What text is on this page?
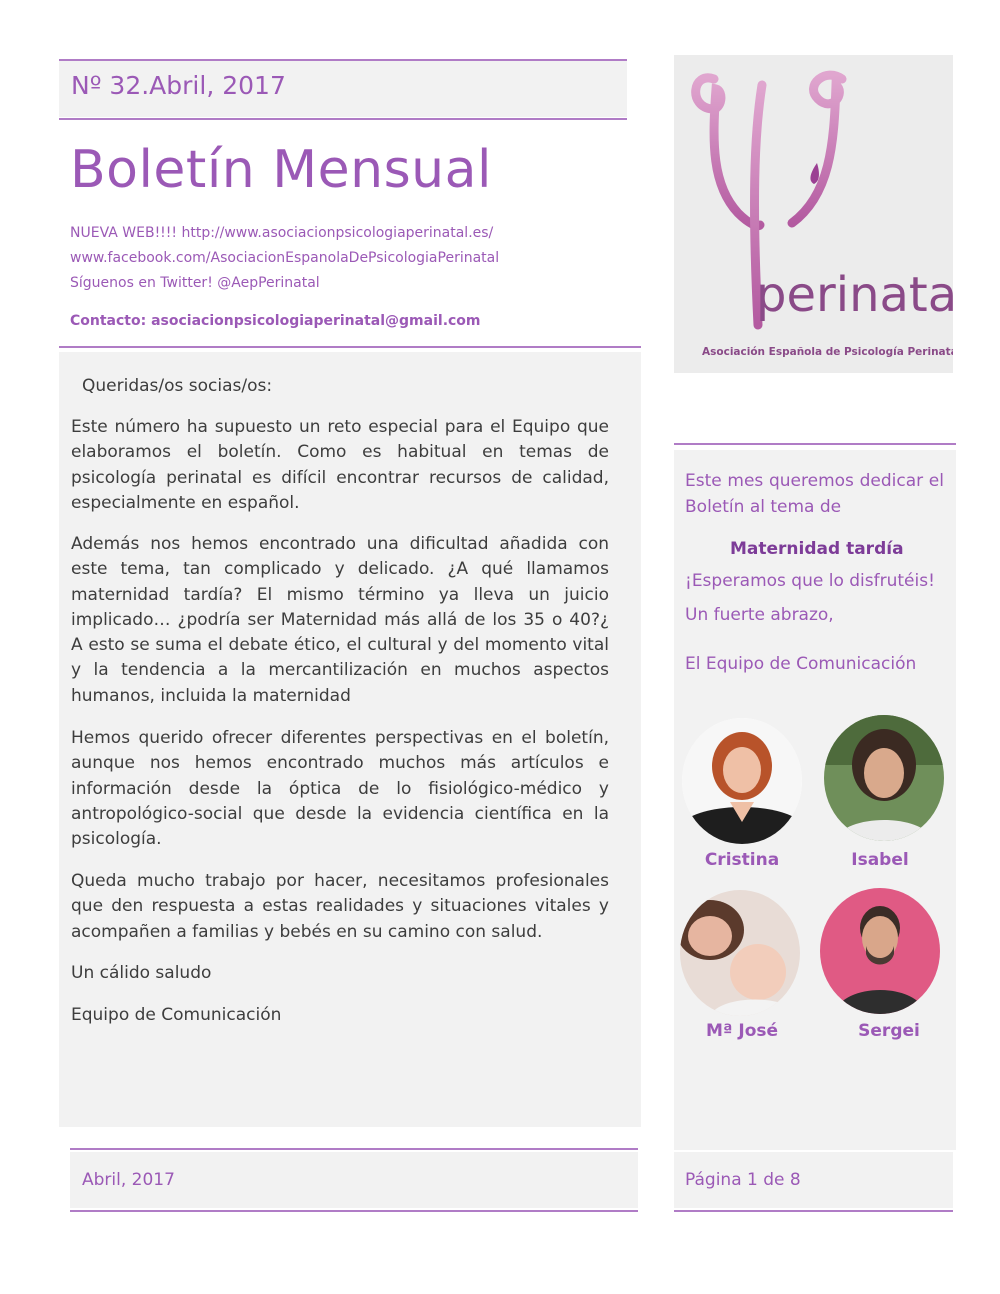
Nº 32.Abril, 2017
Boletín Mensual
NUEVA WEB!!!! http://www.asociacionpsicologiaperinatal.es/
www.facebook.com/AsociacionEspanolaDePsicologiaPerinatal
Síguenos en Twitter! @AepPerinatal
Contacto: asociacionpsicologiaperinatal@gmail.com

Queridas/os socias/os:

Este número ha supuesto un reto especial para el Equipo que elaboramos el boletín. Como es habitual en temas de psicología perinatal es difícil encontrar recursos de calidad, especialmente en español.

Además nos hemos encontrado una dificultad añadida con este tema, tan complicado y delicado. ¿A qué llamamos maternidad tardía? El mismo término ya lleva un juicio implicado… ¿podría ser Maternidad más allá de los 35 o 40?¿ A esto se suma el debate ético, el cultural y del momento vital y la tendencia a la mercantilización en muchos aspectos humanos, incluida la maternidad

Hemos querido ofrecer diferentes perspectivas en el boletín, aunque nos hemos encontrado muchos más artículos e información desde la óptica de lo fisiológico-médico y antropológico-social que desde la evidencia científica en la psicología.

Queda mucho trabajo por hacer, necesitamos profesionales que den respuesta a estas realidades y situaciones vitales y acompañen a familias y bebés en su camino con salud.

Un cálido saludo

Equipo de Comunicación

perinatal
Asociación Española de Psicología Perinatal
Este mes queremos dedicar el Boletín al tema de
Maternidad tardía
¡Esperamos que lo disfrutéis!
Un fuerte abrazo,
El Equipo de Comunicación
Cristina	Isabel
Mª José	Sergei
Abril, 2017	Página 1 de 8
